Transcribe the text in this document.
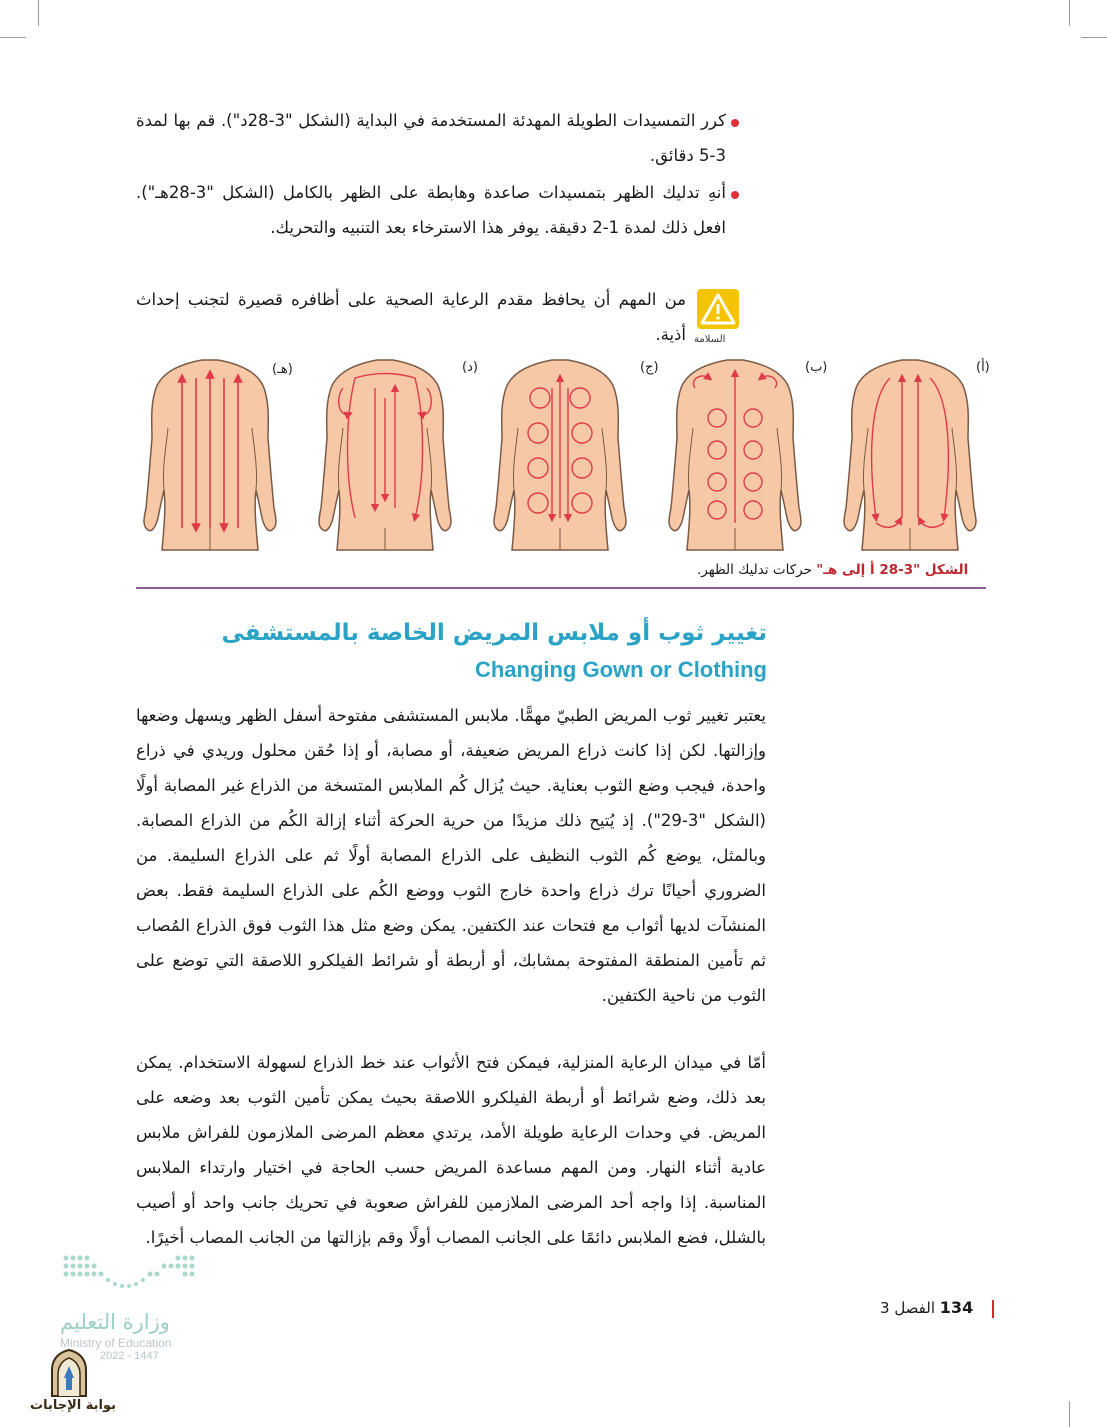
كرر التمسيدات الطويلة المهدئة المستخدمة في البداية (الشكل "3-28د"). قم بها لمدة 3-5 دقائق.
أنهِ تدليك الظهر بتمسيدات صاعدة وهابطة على الظهر بالكامل (الشكل "3-28هـ"). افعل ذلك لمدة 1-2 دقيقة. يوفر هذا الاسترخاء بعد التنبيه والتحريك.
السلامة
من المهم أن يحافظ مقدم الرعاية الصحية على أظافره قصيرة لتجنب إحداث أذية.
(أ)
(ب)
(ج)
(د)
(هـ)
الشكل "3-28 أ إلى هـ" حركات تدليك الظهر.
تغيير ثوب أو ملابس المريض الخاصة بالمستشفى
Changing Gown or Clothing
يعتبر تغيير ثوب المريض الطبيّ مهمًّا. ملابس المستشفى مفتوحة أسفل الظهر ويسهل وضعها وإزالتها. لكن إذا كانت ذراع المريض ضعيفة، أو مصابة، أو إذا حُقن محلول وريدي في ذراع واحدة، فيجب وضع الثوب بعناية. حيث يُزال كُم الملابس المتسخة من الذراع غير المصابة أولًا (الشكل "3-29"). إذ يُتيح ذلك مزيدًا من حرية الحركة أثناء إزالة الكُم من الذراع المصابة. وبالمثل، يوضع كُم الثوب النظيف على الذراع المصابة أولًا ثم على الذراع السليمة. من الضروري أحيانًا ترك ذراع واحدة خارج الثوب ووضع الكُم على الذراع السليمة فقط. بعض المنشآت لديها أثواب مع فتحات عند الكتفين. يمكن وضع مثل هذا الثوب فوق الذراع المُصاب ثم تأمين المنطقة المفتوحة بمشابك، أو أربطة أو شرائط الفيلكرو اللاصقة التي توضع على الثوب من ناحية الكتفين.
أمّا في ميدان الرعاية المنزلية، فيمكن فتح الأثواب عند خط الذراع لسهولة الاستخدام. يمكن بعد ذلك، وضع شرائط أو أربطة الفيلكرو اللاصقة بحيث يمكن تأمين الثوب بعد وضعه على المريض. في وحدات الرعاية طويلة الأمد، يرتدي معظم المرضى الملازمون للفراش ملابس عادية أثناء النهار. ومن المهم مساعدة المريض حسب الحاجة في اختيار وارتداء الملابس المناسبة. إذا واجه أحد المرضى الملازمين للفراش صعوبة في تحريك جانب واحد أو أصيب بالشلل، فضع الملابس دائمًا على الجانب المصاب أولًا وقم بإزالتها من الجانب المصاب أخيرًا.
134 الفصل 3
وزارة التعليم
Ministry of Education
2022 - 1447
بوابة الإجابات
